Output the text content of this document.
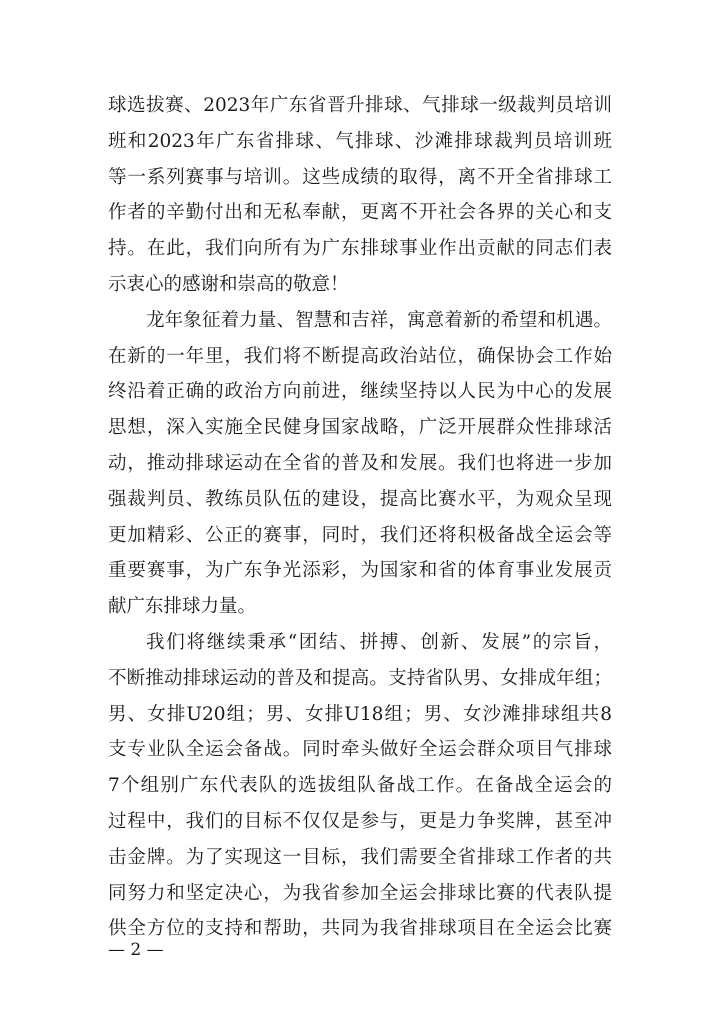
球选拔赛、2023年广东省晋升排球、气排球一级裁判员培训
班和2023年广东省排球、气排球、沙滩排球裁判员培训班
等一系列赛事与培训。这些成绩的取得，离不开全省排球工
作者的辛勤付出和无私奉献，更离不开社会各界的关心和支
持。在此，我们向所有为广东排球事业作出贡献的同志们表
示衷心的感谢和崇高的敬意！
龙年象征着力量、智慧和吉祥，寓意着新的希望和机遇。
在新的一年里，我们将不断提高政治站位，确保协会工作始
终沿着正确的政治方向前进，继续坚持以人民为中心的发展
思想，深入实施全民健身国家战略，广泛开展群众性排球活
动，推动排球运动在全省的普及和发展。我们也将进一步加
强裁判员、教练员队伍的建设，提高比赛水平，为观众呈现
更加精彩、公正的赛事，同时，我们还将积极备战全运会等
重要赛事，为广东争光添彩，为国家和省的体育事业发展贡
献广东排球力量。
我们将继续秉承“团结、拼搏、创新、发展”的宗旨，
不断推动排球运动的普及和提高。支持省队男、女排成年组；
男、女排U20组；男、女排U18组；男、女沙滩排球组共8
支专业队全运会备战。同时牵头做好全运会群众项目气排球
7个组别广东代表队的选拔组队备战工作。在备战全运会的
过程中，我们的目标不仅仅是参与，更是力争奖牌，甚至冲
击金牌。为了实现这一目标，我们需要全省排球工作者的共
同努力和坚定决心，为我省参加全运会排球比赛的代表队提
供全方位的支持和帮助，共同为我省排球项目在全运会比赛
— 2 —
